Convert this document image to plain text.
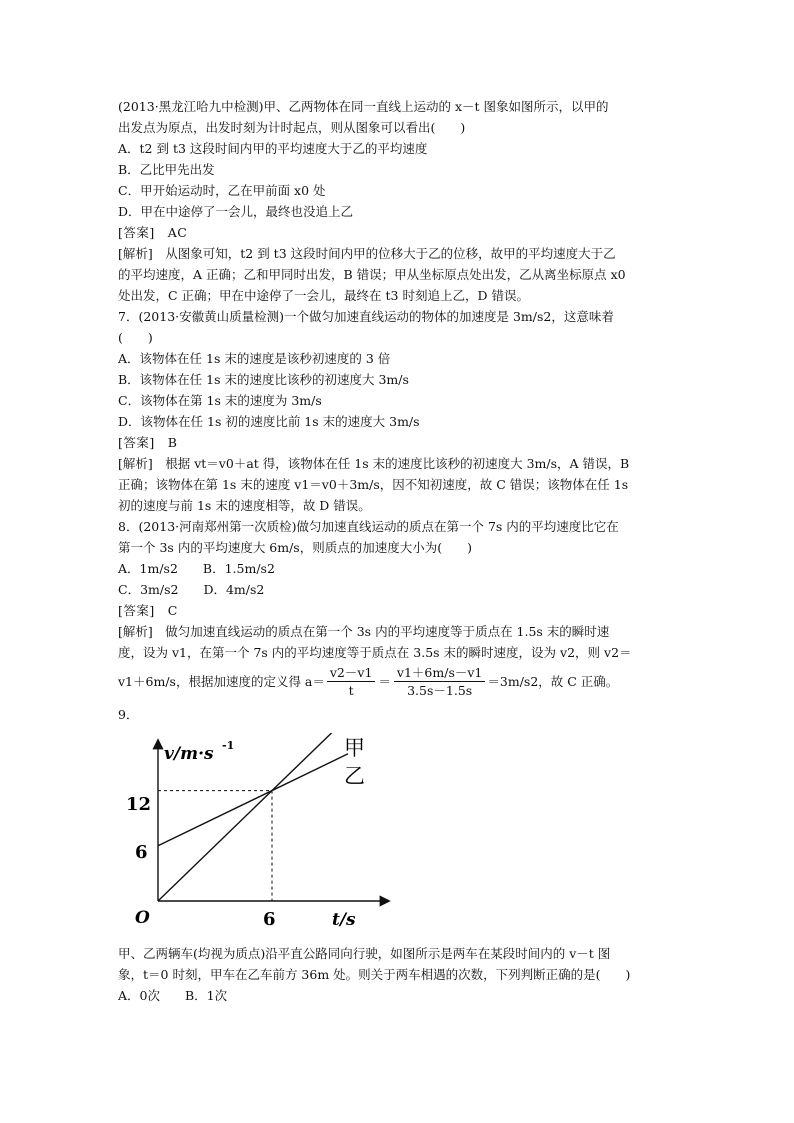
(2013·黑龙江哈九中检测)甲、乙两物体在同一直线上运动的 x－t 图象如图所示，以甲的
出发点为原点，出发时刻为计时起点，则从图象可以看出(　　)
A．t2 到 t3 这段时间内甲的平均速度大于乙的平均速度
B．乙比甲先出发
C．甲开始运动时，乙在甲前面 x0 处
D．甲在中途停了一会儿，最终也没追上乙
[答案]　AC
[解析]　从图象可知，t2 到 t3 这段时间内甲的位移大于乙的位移，故甲的平均速度大于乙
的平均速度，A 正确；乙和甲同时出发，B 错误；甲从坐标原点处出发，乙从离坐标原点 x0
处出发，C 正确；甲在中途停了一会儿，最终在 t3 时刻追上乙，D 错误。
7．(2013·安徽黄山质量检测)一个做匀加速直线运动的物体的加速度是 3m/s2，这意味着
(　　)
A．该物体在任 1s 末的速度是该秒初速度的 3 倍
B．该物体在任 1s 末的速度比该秒的初速度大 3m/s
C．该物体在第 1s 末的速度为 3m/s
D．该物体在任 1s 初的速度比前 1s 末的速度大 3m/s
[答案]　B
[解析]　根据 vt＝v0＋at 得，该物体在任 1s 末的速度比该秒的初速度大 3m/s，A 错误，B
正确；该物体在第 1s 末的速度 v1＝v0＋3m/s，因不知初速度，故 C 错误；该物体在任 1s
初的速度与前 1s 末的速度相等，故 D 错误。
8．(2013·河南郑州第一次质检)做匀加速直线运动的质点在第一个 7s 内的平均速度比它在
第一个 3s 内的平均速度大 6m/s，则质点的加速度大小为(　　)
A．1m/s2　　B．1.5m/s2
C．3m/s2　　D．4m/s2
[答案]　C
[解析]　做匀加速直线运动的质点在第一个 3s 内的平均速度等于质点在 1.5s 末的瞬时速
度，设为 v1，在第一个 7s 内的平均速度等于质点在 3.5s 末的瞬时速度，设为 v2，则 v2＝
v1＋6m/s，根据加速度的定义得 $a= \frac{v2-v1}{t} = \frac{v1+6m/s-v1}{3.5s-1.5s} =3m/s2$，故 C 正确。
9．
v/m·s -1
t/s
O
12
6
6
甲
乙
甲、乙两辆车(均视为质点)沿平直公路同向行驶，如图所示是两车在某段时间内的 v－t 图
象，t＝0 时刻，甲车在乙车前方 36m 处。则关于两车相遇的次数，下列判断正确的是(　　)
A．0次　　B．1次
